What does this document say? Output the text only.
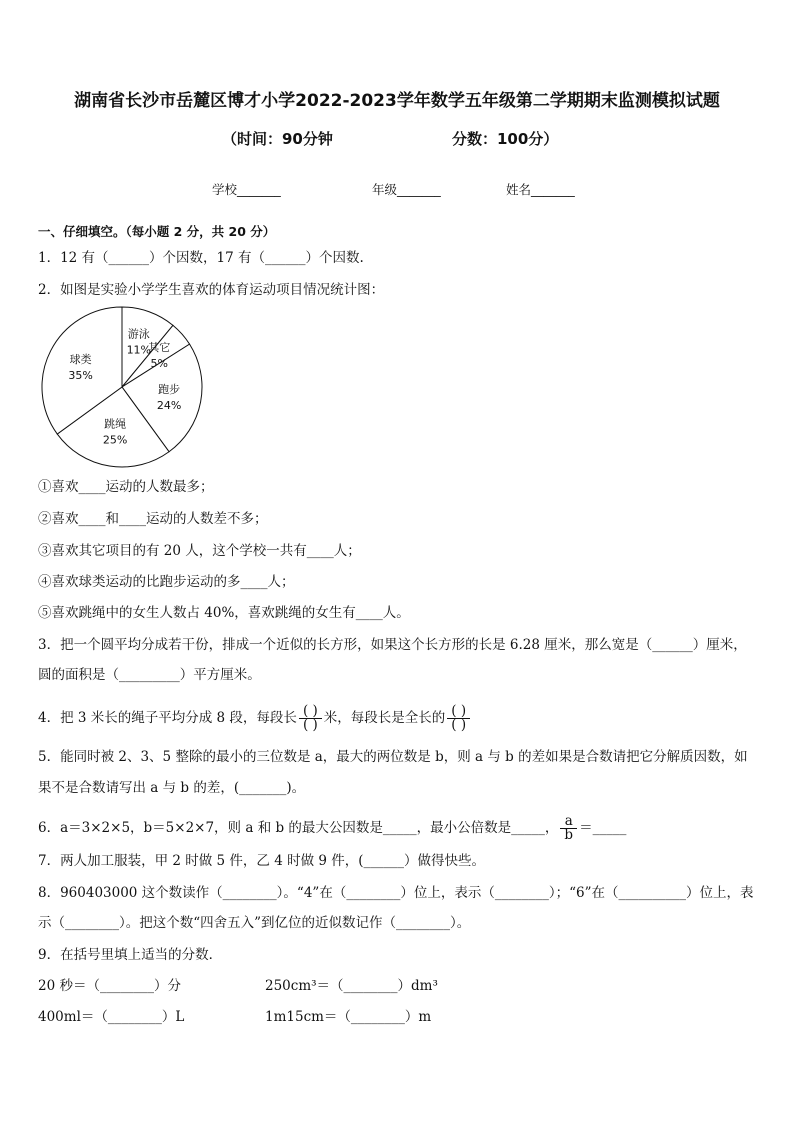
湖南省长沙市岳麓区博才小学2022-2023学年数学五年级第二学期期末监测模拟试题
（时间：90分钟	分数：100分）
学校_______	年级_______	姓名_______
一、仔细填空。（每小题 2 分，共 20 分）
1．12 有（______）个因数，17 有（______）个因数.
2．如图是实验小学学生喜欢的体育运动项目情况统计图：
游泳
11%
其它
5%
跑步
24%
跳绳
25%
球类
35%
①喜欢____运动的人数最多；
②喜欢____和____运动的人数差不多；
③喜欢其它项目的有 20 人，这个学校一共有____人；
④喜欢球类运动的比跑步运动的多____人；
⑤喜欢跳绳中的女生人数占 40%，喜欢跳绳的女生有____人。
3．把一个圆平均分成若干份，排成一个近似的长方形，如果这个长方形的长是 6.28 厘米，那么宽是（______）厘米，
圆的面积是（_________）平方厘米。
4．把 3 米长的绳子平均分成 8 段，每段长 $\frac{( )}{( )}$ 米，每段长是全长的 $\frac{( )}{( )}$
5．能同时被 2、3、5 整除的最小的三位数是 a，最大的两位数是 b，则 a 与 b 的差如果是合数请把它分解质因数，如
果不是合数请写出 a 与 b 的差，(_______)。
6．a＝3×2×5，b＝5×2×7，则 a 和 b 的最大公因数是_____，最小公倍数是_____， $\frac{a}{b}$ ＝_____
7．两人加工服装，甲 2 时做 5 件，乙 4 时做 9 件，(______）做得快些。
8．960403000 这个数读作（________）。“4”在（________）位上，表示（________）；“6”在（__________）位上，表
示（________）。把这个数“四舍五入”到亿位的近似数记作（________）。
9．在括号里填上适当的分数．
20 秒＝（________）分	250cm³＝（________）dm³
400ml＝（________）L	1m15cm＝（________）m
